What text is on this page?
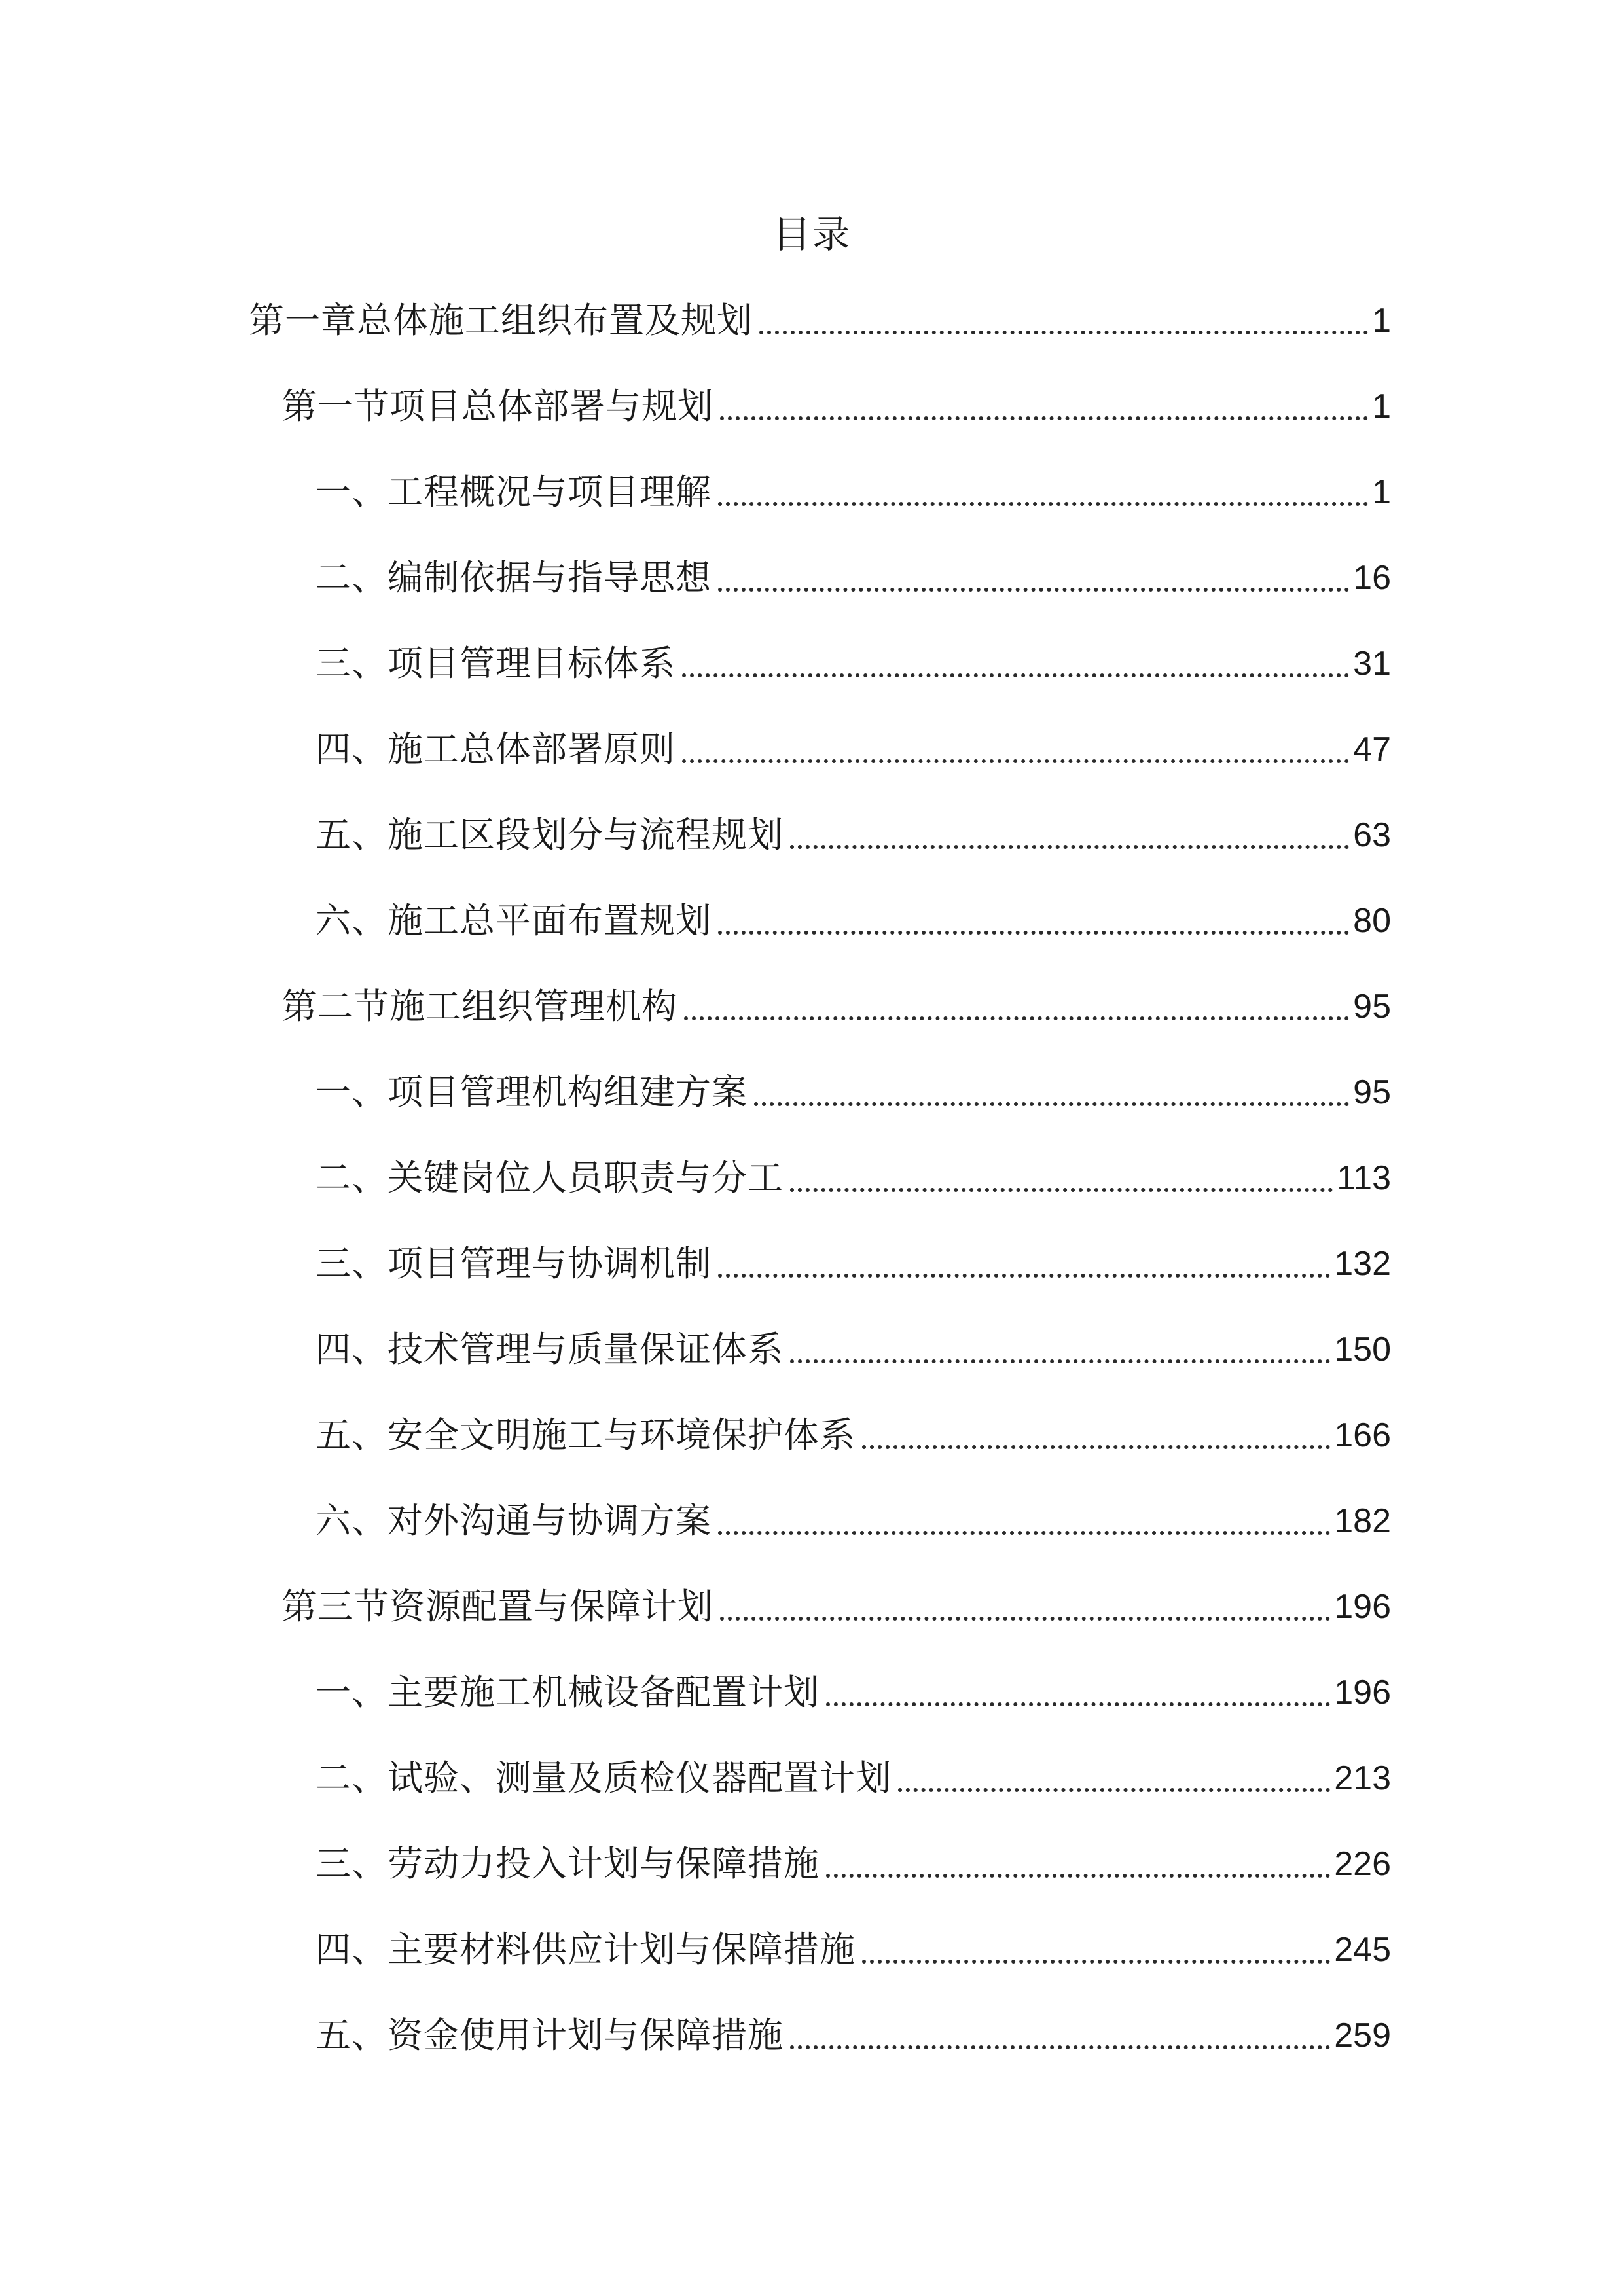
目录
第一章总体施工组织布置及规划	1
第一节项目总体部署与规划	1
一、工程概况与项目理解	1
二、编制依据与指导思想	16
三、项目管理目标体系	31
四、施工总体部署原则	47
五、施工区段划分与流程规划	63
六、施工总平面布置规划	80
第二节施工组织管理机构	95
一、项目管理机构组建方案	95
二、关键岗位人员职责与分工	113
三、项目管理与协调机制	132
四、技术管理与质量保证体系	150
五、安全文明施工与环境保护体系	166
六、对外沟通与协调方案	182
第三节资源配置与保障计划	196
一、主要施工机械设备配置计划	196
二、试验、测量及质检仪器配置计划	213
三、劳动力投入计划与保障措施	226
四、主要材料供应计划与保障措施	245
五、资金使用计划与保障措施	259
